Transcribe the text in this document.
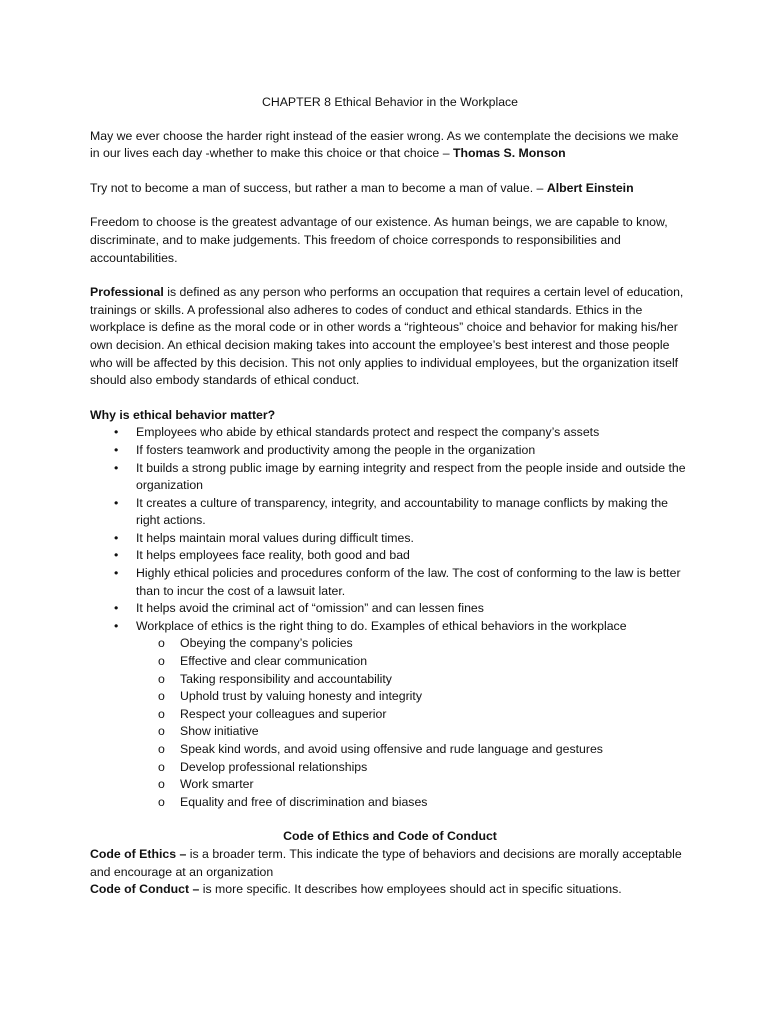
CHAPTER 8 Ethical Behavior in the Workplace

May we ever choose the harder right instead of the easier wrong. As we contemplate the decisions we make in our lives each day -whether to make this choice or that choice – Thomas S. Monson

Try not to become a man of success, but rather a man to become a man of value. – Albert Einstein

Freedom to choose is the greatest advantage of our existence. As human beings, we are capable to know, discriminate, and to make judgements. This freedom of choice corresponds to responsibilities and accountabilities.

Professional is defined as any person who performs an occupation that requires a certain level of education, trainings or skills. A professional also adheres to codes of conduct and ethical standards. Ethics in the workplace is define as the moral code or in other words a “righteous” choice and behavior for making his/her own decision. An ethical decision making takes into account the employee’s best interest and those people who will be affected by this decision. This not only applies to individual employees, but the organization itself should also embody standards of ethical conduct.

Why is ethical behavior matter?
• Employees who abide by ethical standards protect and respect the company’s assets
• If fosters teamwork and productivity among the people in the organization
• It builds a strong public image by earning integrity and respect from the people inside and outside the organization
• It creates a culture of transparency, integrity, and accountability to manage conflicts by making the right actions.
• It helps maintain moral values during difficult times.
• It helps employees face reality, both good and bad
• Highly ethical policies and procedures conform of the law. The cost of conforming to the law is better than to incur the cost of a lawsuit later.
• It helps avoid the criminal act of “omission” and can lessen fines
• Workplace of ethics is the right thing to do. Examples of ethical behaviors in the workplace
o Obeying the company’s policies
o Effective and clear communication
o Taking responsibility and accountability
o Uphold trust by valuing honesty and integrity
o Respect your colleagues and superior
o Show initiative
o Speak kind words, and avoid using offensive and rude language and gestures
o Develop professional relationships
o Work smarter
o Equality and free of discrimination and biases
Code of Ethics and Code of Conduct
Code of Ethics – is a broader term. This indicate the type of behaviors and decisions are morally acceptable and encourage at an organization
Code of Conduct – is more specific. It describes how employees should act in specific situations.
